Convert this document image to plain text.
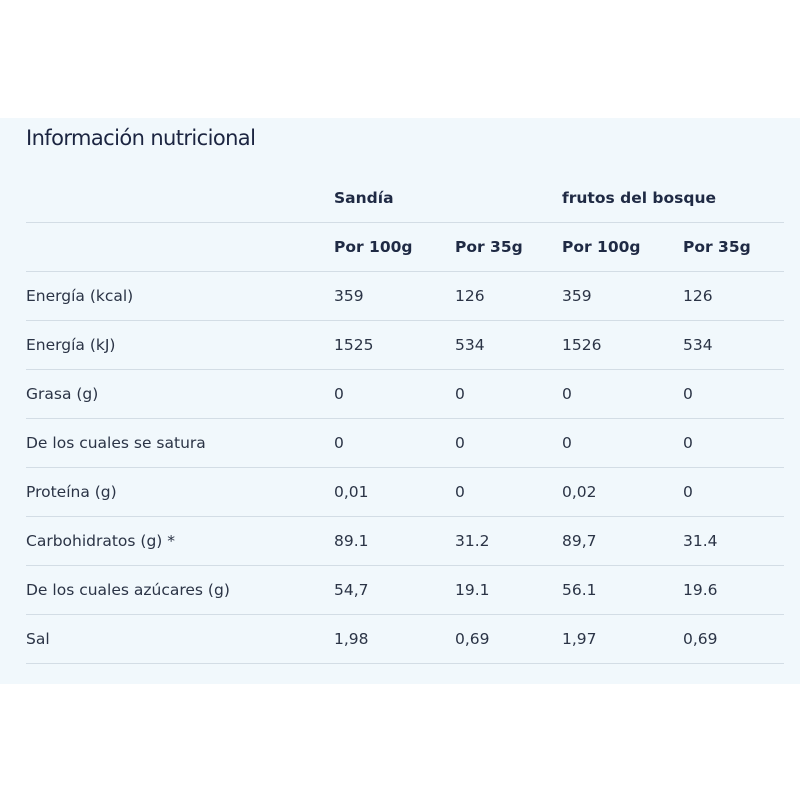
Información nutricional
	Sandía		frutos del bosque	
	Por 100g	Por 35g	Por 100g	Por 35g
Energía (kcal)	359	126	359	126
Energía (kJ)	1525	534	1526	534
Grasa (g)	0	0	0	0
De los cuales se satura	0	0	0	0
Proteína (g)	0,01	0	0,02	0
Carbohidratos (g) *	89.1	31.2	89,7	31.4
De los cuales azúcares (g)	54,7	19.1	56.1	19.6
Sal	1,98	0,69	1,97	0,69
